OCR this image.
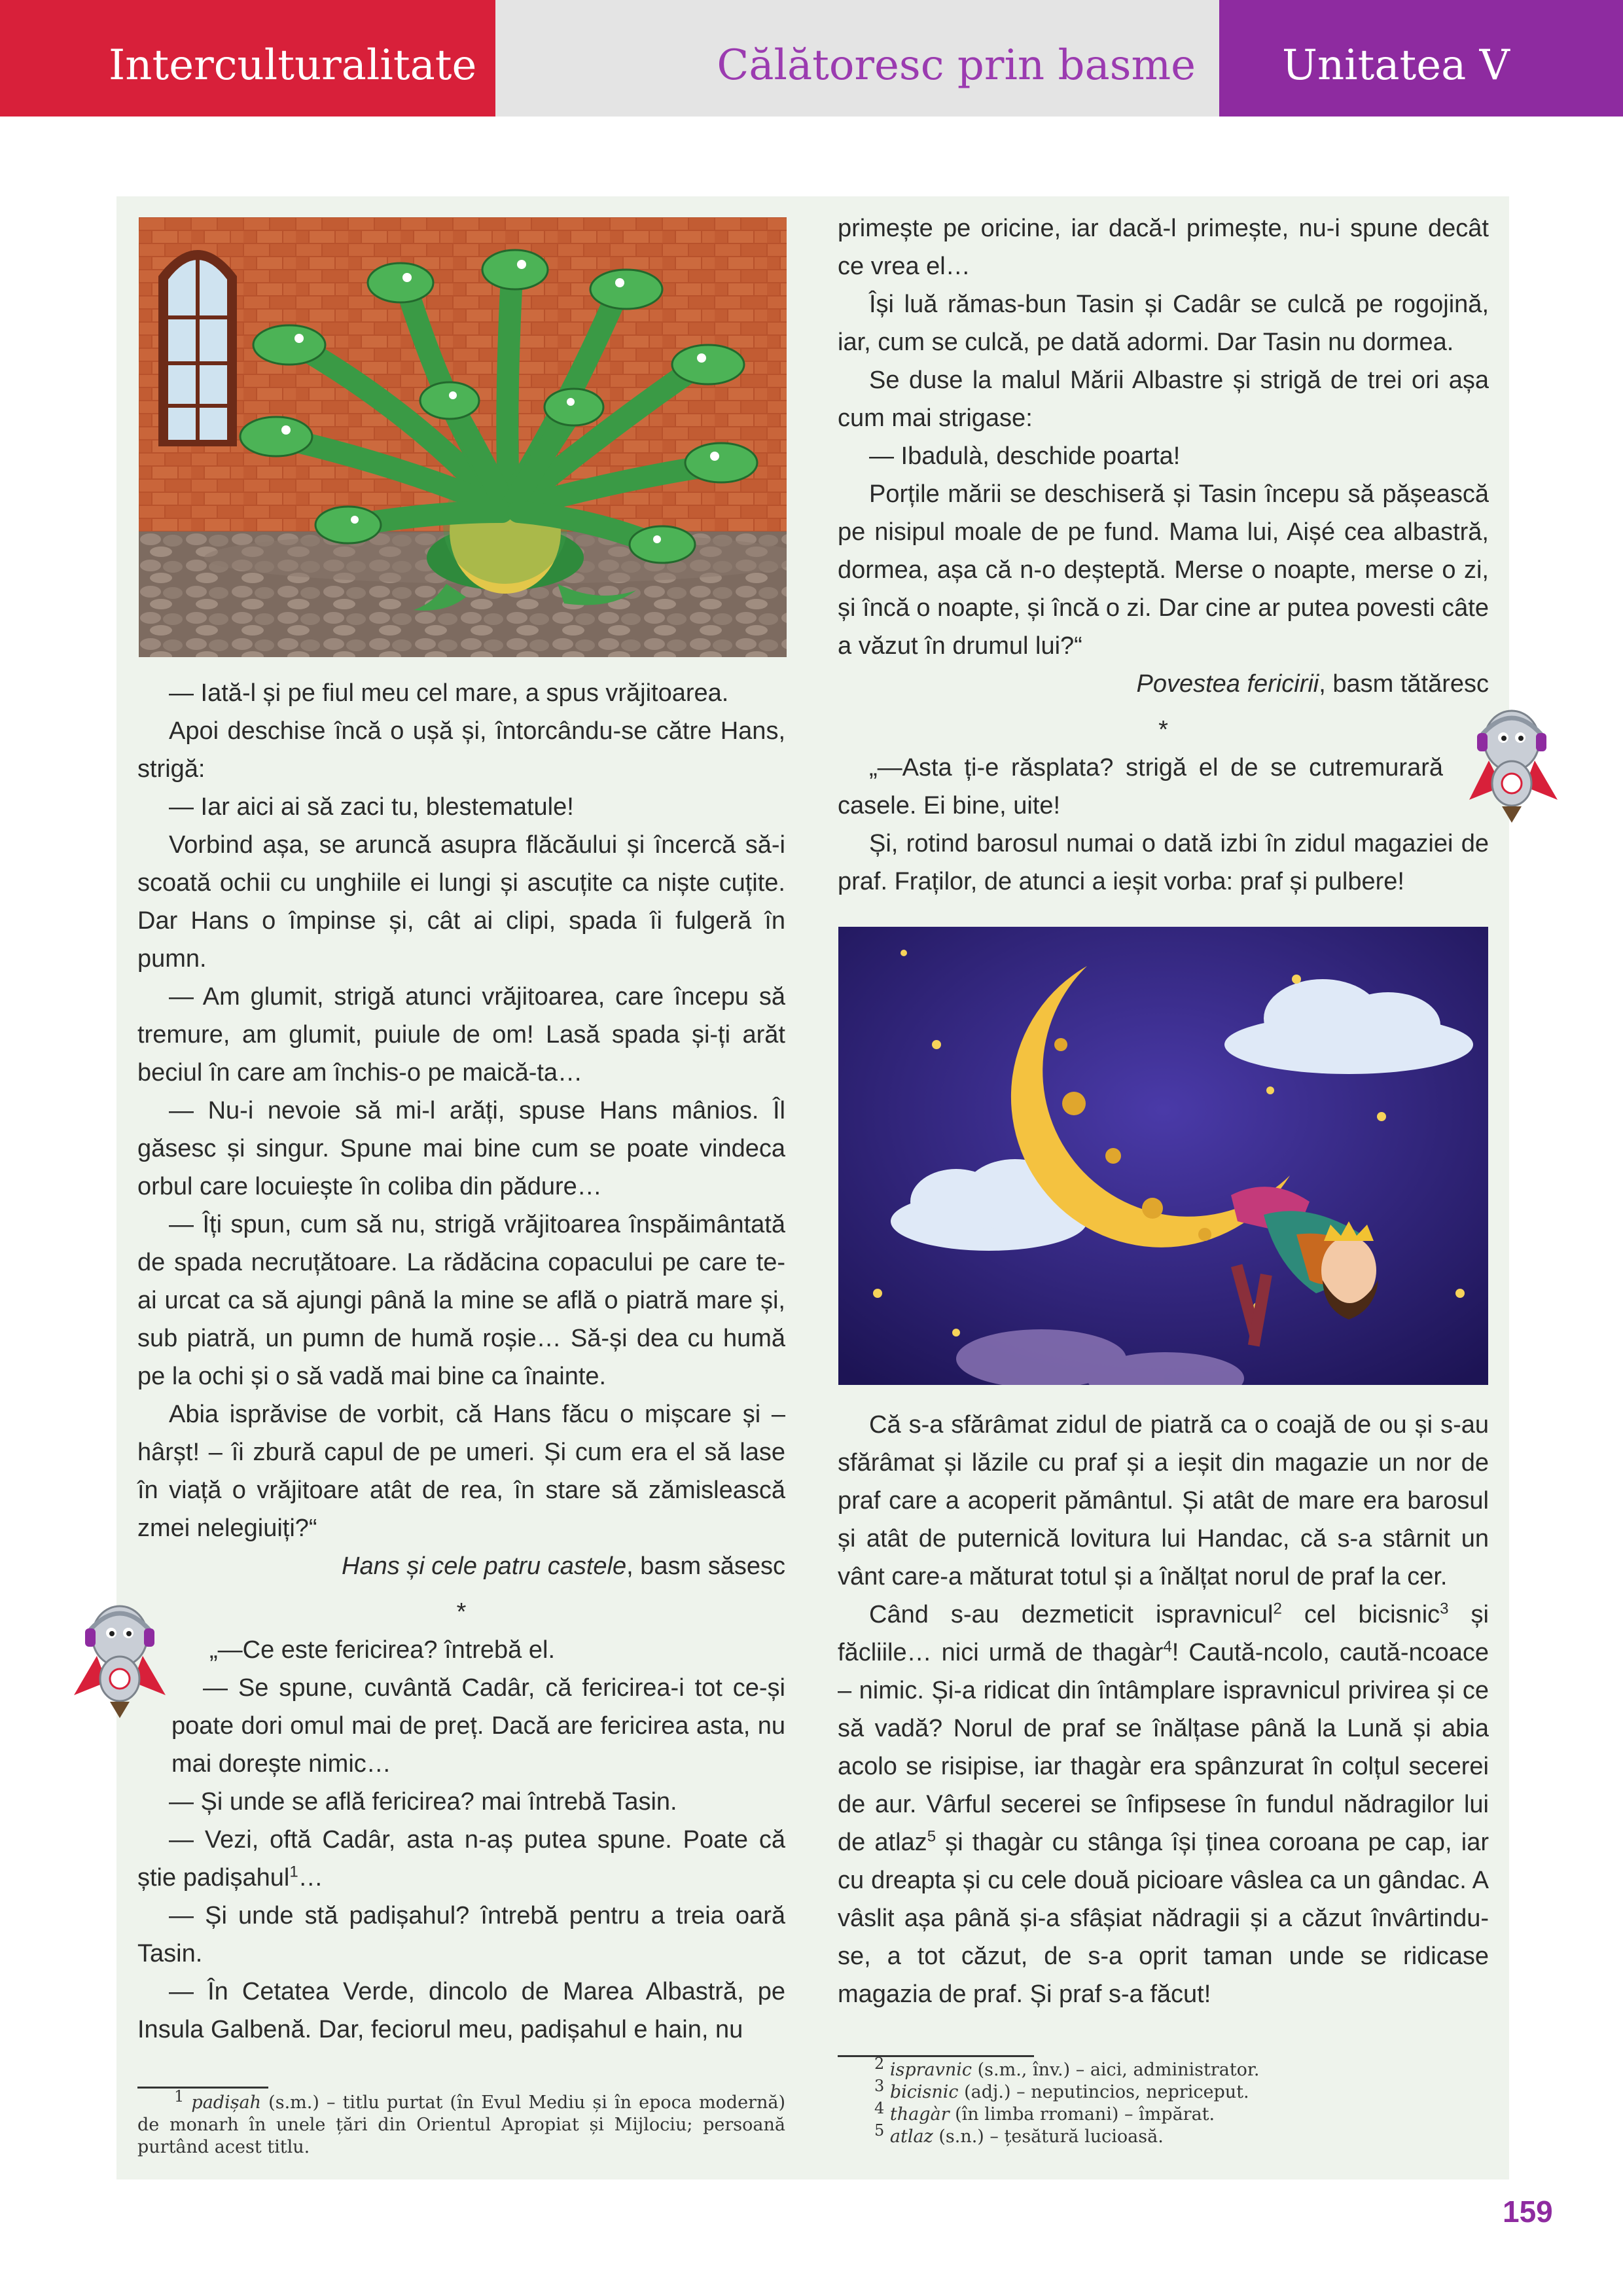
Interculturalitate	Călătoresc prin basme Unitatea V

— Iată-l și pe fiul meu cel mare, a spus vrăjitoarea.

Apoi deschise încă o ușă și, întorcându-se către Hans, strigă:

— Iar aici ai să zaci tu, blestematule!

Vorbind așa, se aruncă asupra flăcăului și încercă să-i scoată ochii cu unghiile ei lungi și ascuțite ca niște cuțite. Dar Hans o împinse și, cât ai clipi, spada îi fulgeră în pumn.

— Am glumit, strigă atunci vrăjitoarea, care începu să tremure, am glumit, puiule de om! Lasă spada și-ți arăt beciul în care am închis-o pe maică-ta…

— Nu-i nevoie să mi-l arăți, spuse Hans mânios. Îl găsesc și singur. Spune mai bine cum se poate vindeca orbul care locuiește în coliba din pădure…

— Îți spun, cum să nu, strigă vrăjitoarea înspăimântată de spada necruțătoare. La rădăcina copacului pe care te-ai urcat ca să ajungi până la mine se află o piatră mare și, sub piatră, un pumn de humă roșie… Să-și dea cu humă pe la ochi și o să vadă mai bine ca înainte.

Abia isprăvise de vorbit, că Hans făcu o mișcare și – hârșt! – îi zbură capul de pe umeri. Și cum era el să lase în viață o vrăjitoare atât de rea, în stare să zămislească zmei nelegiuiți?“

Hans și cele patru castele, basm săsesc

*

„—Ce este fericirea? întrebă el.

— Se spune, cuvântă Cadâr, că fericirea-i tot ce-și poate dori omul mai de preț. Dacă are fericirea asta, nu mai dorește nimic…

— Și unde se află fericirea? mai întrebă Tasin.

— Vezi, oftă Cadâr, asta n-aș putea spune. Poate că știe padișahul$^1$…

— Și unde stă padișahul? întrebă pentru a treia oară Tasin.

— În Cetatea Verde, dincolo de Marea Albastră, pe Insula Galbenă. Dar, feciorul meu, padișahul e hain, nu

$^1$ padișah (s.m.) – titlu purtat (în Evul Mediu și în epoca modernă) de monarh în unele țări din Orientul Apropiat și Mijlociu; persoană purtând acest titlu.

primește pe oricine, iar dacă-l primește, nu-i spune decât ce vrea el…

Își luă rămas-bun Tasin și Cadâr se culcă pe rogojină, iar, cum se culcă, pe dată adormi. Dar Tasin nu dormea.

Se duse la malul Mării Albastre și strigă de trei ori așa cum mai strigase:

— Ibadulà, deschide poarta!

Porțile mării se deschiseră și Tasin începu să pășească pe nisipul moale de pe fund. Mama lui, Aișé cea albastră, dormea, așa că n-o deșteptă. Merse o noapte, merse o zi, și încă o noapte, și încă o zi. Dar cine ar putea povesti câte a văzut în drumul lui?“

Povestea fericirii, basm tătăresc

*

„—Asta ți-e răsplata? strigă el de se cutremurară casele. Ei bine, uite!

Și, rotind barosul numai o dată izbi în zidul magaziei de praf. Fraților, de atunci a ieșit vorba: praf și pulbere!

Că s-a sfărâmat zidul de piatră ca o coajă de ou și s-au sfărâmat și lăzile cu praf și a ieșit din magazie un nor de praf care a acoperit pământul. Și atât de mare era barosul și atât de puternică lovitura lui Handac, că s-a stârnit un vânt care-a măturat totul și a înălțat norul de praf la cer.

Când s-au dezmeticit ispravnicul$^2$ cel bicisnic$^3$ și făcliile… nici urmă de thagàr$^4$! Caută-ncolo, caută-ncoace – nimic. Și-a ridicat din întâmplare ispravnicul privirea și ce să vadă? Norul de praf se înălțase până la Lună și abia acolo se risipise, iar thagàr era spânzurat în colțul secerei de aur. Vârful secerei se înfipsese în fundul nădragilor lui de atlaz$^5$ și thagàr cu stânga își ținea coroana pe cap, iar cu dreapta și cu cele două picioare vâslea ca un gândac. A vâslit așa până și-a sfâșiat nădragii și a căzut învârtindu-se, a tot căzut, de s-a oprit taman unde se ridicase magazia de praf. Și praf s-a făcut!

$^2$ ispravnic (s.m., înv.) – aici, administrator.

$^3$ bicisnic (adj.) – neputincios, nepriceput.

$^4$ thagàr (în limba rromani) – împărat.

$^5$ atlaz (s.n.) – țesătură lucioasă.

159
